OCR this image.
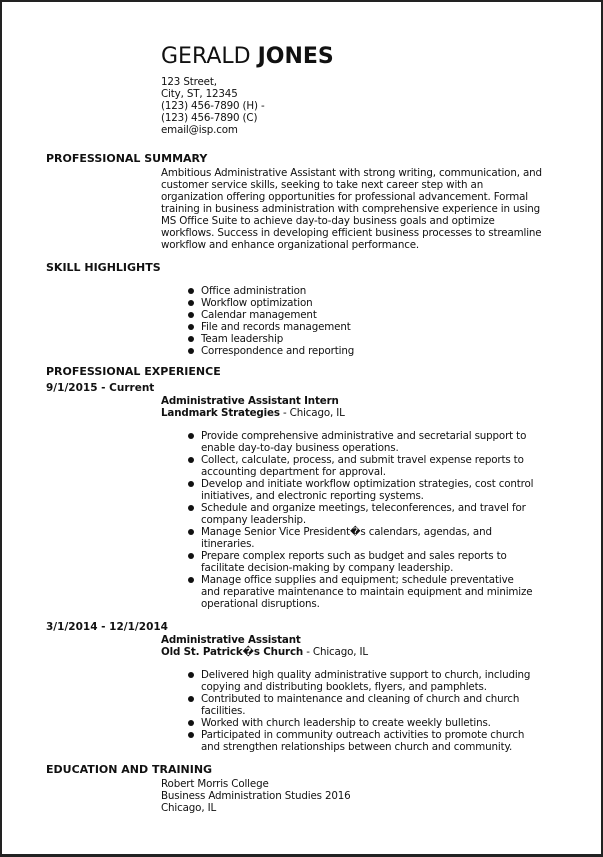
GERALD JONES
123 Street,
City, ST, 12345
(123) 456-7890 (H) -
(123) 456-7890 (C)
email@isp.com
PROFESSIONAL SUMMARY
Ambitious Administrative Assistant with strong writing, communication, and
customer service skills, seeking to take next career step with an
organization offering opportunities for professional advancement. Formal
training in business administration with comprehensive experience in using
MS Office Suite to achieve day-to-day business goals and optimize
workflows. Success in developing efficient business processes to streamline
workflow and enhance organizational performance.
SKILL HIGHLIGHTS
Office administration
Workflow optimization
Calendar management
File and records management
Team leadership
Correspondence and reporting
PROFESSIONAL EXPERIENCE
9/1/2015 - Current
Administrative Assistant Intern
Landmark Strategies - Chicago, IL
Provide comprehensive administrative and secretarial support to
enable day-to-day business operations.
Collect, calculate, process, and submit travel expense reports to
accounting department for approval.
Develop and initiate workflow optimization strategies, cost control
initiatives, and electronic reporting systems.
Schedule and organize meetings, teleconferences, and travel for
company leadership.
Manage Senior Vice President�s calendars, agendas, and
itineraries.
Prepare complex reports such as budget and sales reports to
facilitate decision-making by company leadership.
Manage office supplies and equipment; schedule preventative
and reparative maintenance to maintain equipment and minimize
operational disruptions.
3/1/2014 - 12/1/2014
Administrative Assistant
Old St. Patrick�s Church - Chicago, IL
Delivered high quality administrative support to church, including
copying and distributing booklets, flyers, and pamphlets.
Contributed to maintenance and cleaning of church and church
facilities.
Worked with church leadership to create weekly bulletins.
Participated in community outreach activities to promote church
and strengthen relationships between church and community.
EDUCATION AND TRAINING
Robert Morris College
Business Administration Studies 2016
Chicago, IL
